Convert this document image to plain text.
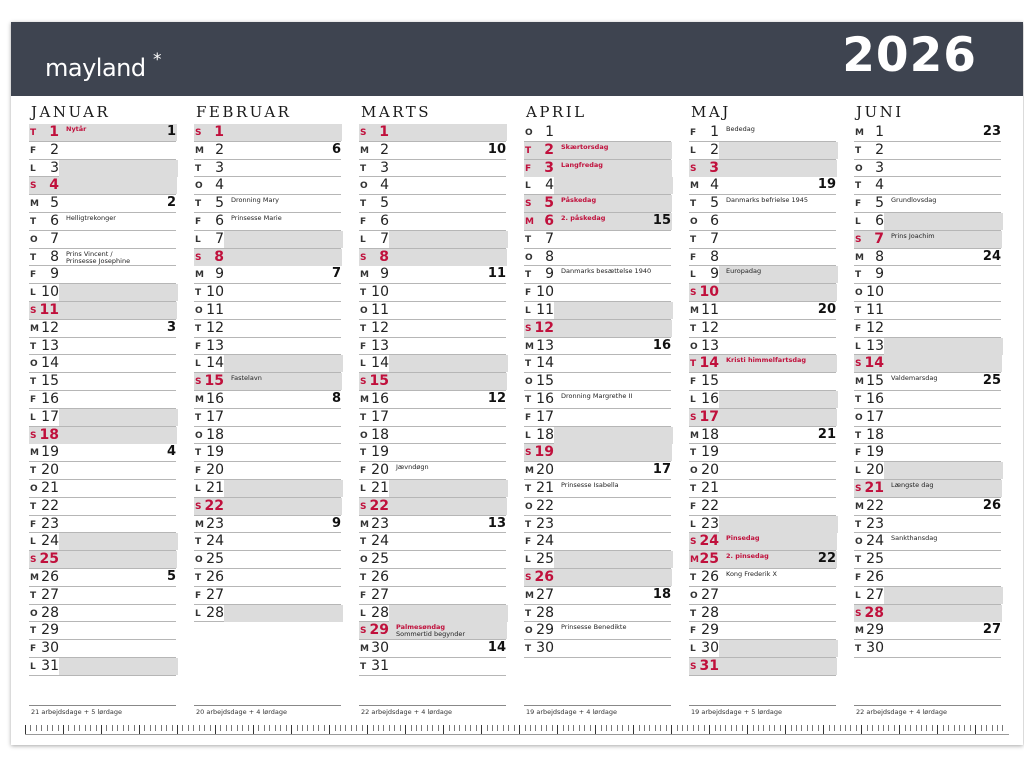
mayland *	2026
JANUAR
T 1 Nytår	1
F 2
L	3
S 4
M 5	2
T 6 Helligtrekonger
O 7
T 8 Prins Vincent /
Prinsesse Josephine
F 9
L 10
S 11
M 12	3
T 13
O 14
T 15
F 16
L 17
S 18
M 19	4
T 20
O 21
T 22
F 23
L 24
S 25
M 26	5
T 27
O 28
T 29
F 30
L 31
21 arbejdsdage + 5 lørdage
FEBRUAR
S 1
M 2	6
T 3
O 4
T 5 Dronning Mary
F 6 Prinsesse Marie
L	7
S 8
M 9	7
T 10
O 11
T 12
F 13
L 14
S 15 Fastelavn
M 16	8
T 17
O 18
T 19
F 20
L 21
S 22
M 23	9
T 24
O 25
T 26
F 27
L 28
20 arbejdsdage + 4 lørdage
MARTS
S 1
M 2	10
T 3
O 4
T 5
F 6
L	7
S 8
M 9	11
T 10
O 11
T 12
F 13
L 14
S 15
M 16	12
T 17
O 18
T 19
F 20 Jævndøgn
L 21
S 22
M 23	13
T 24
O 25
T 26
F 27
L 28
S 29 Palmesøndag
Sommertid begynder
M 30	14
T 31
22 arbejdsdage + 4 lørdage
APRIL
O 1
T 2 Skærtorsdag
F 3 Langfredag
L	4
S 5 Påskedag
M 6 2. påskedag	15
T 7
O 8
T 9 Danmarks besættelse 1940
F 10
L 11
S 12
M 13	16
T 14
O 15
T 16 Dronning Margrethe II
F 17
L 18
S 19
M 20	17
T 21 Prinsesse Isabella
O 22
T 23
F 24
L 25
S 26
M 27	18
T 28
O 29 Prinsesse Benedikte
T 30
19 arbejdsdage + 4 lørdage
MAJ
F 1 Bededag
L	2
S 3
M 4	19
T 5 Danmarks befrielse 1945
O 6
T 7
F 8
L	9 Europadag
S 10
M 11	20
T 12
O 13
T 14 Kristi himmelfartsdag
F 15
L 16
S 17
M 18	21
T 19
O 20
T 21
F 22
L 23
S 24 Pinsedag
M 25 2. pinsedag	22
T 26 Kong Frederik X
O 27
T 28
F 29
L 30
S 31
19 arbejdsdage + 5 lørdage
JUNI
M 1	23
T 2
O 3
T 4
F 5 Grundlovsdag
L	6
S 7 Prins Joachim
M 8	24
T 9
O 10
T 11
F 12
L 13
S 14
M 15 Valdemarsdag	25
T 16
O 17
T 18
F 19
L 20
S 21 Længste dag
M 22	26
T 23
O 24 Sankthansdag
T 25
F 26
L 27
S 28
M 29	27
T 30
22 arbejdsdage + 4 lørdage
